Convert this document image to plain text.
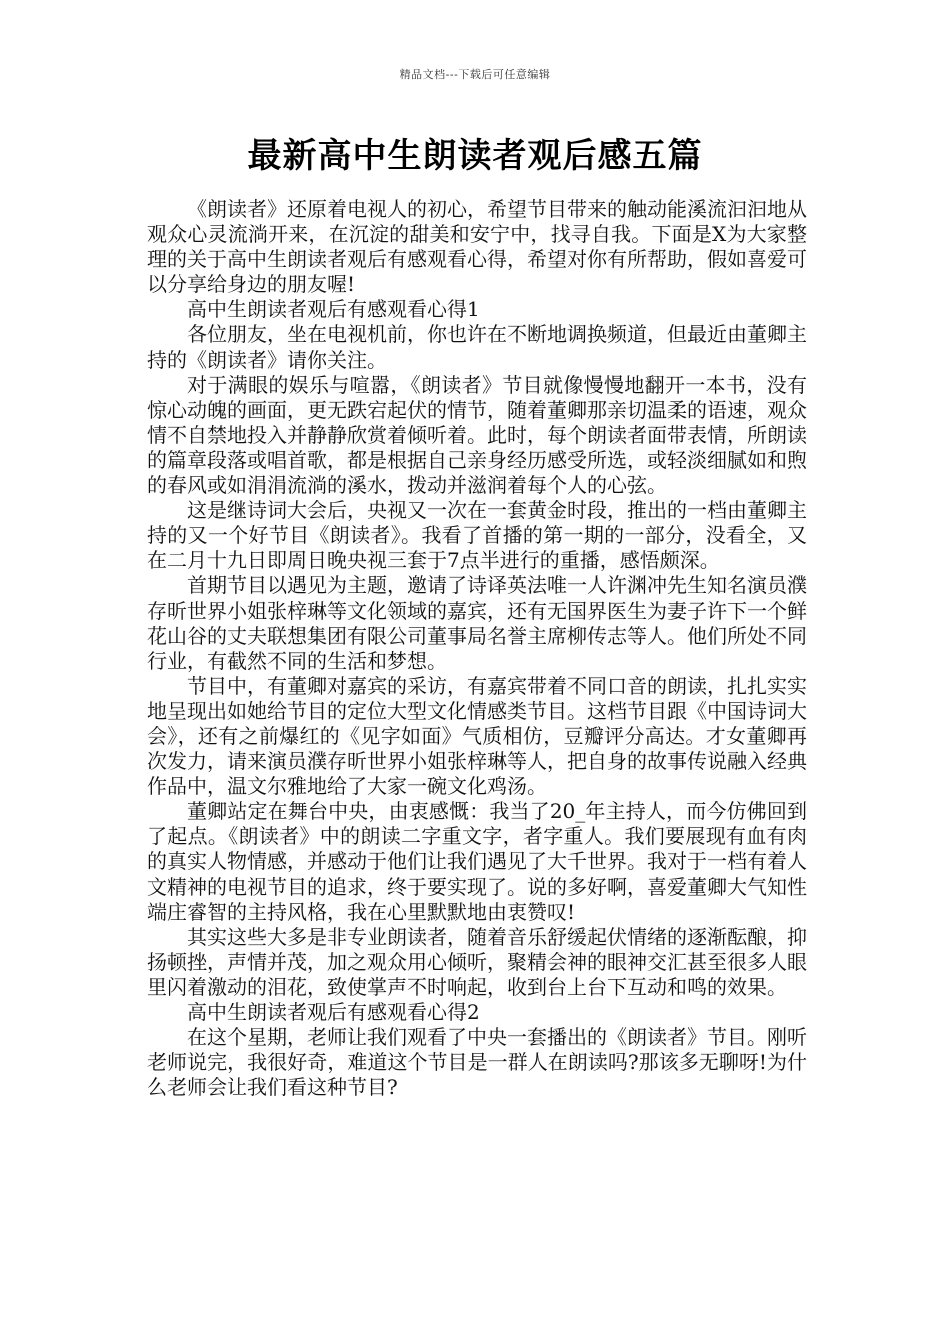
精品文档---下载后可任意编辑
最新高中生朗读者观后感五篇

《朗读者》还原着电视人的初心，希望节目带来的触动能溪流汩汩地从观众心灵流淌开来，在沉淀的甜美和安宁中，找寻自我。下面是X为大家整理的关于高中生朗读者观后有感观看心得，希望对你有所帮助，假如喜爱可以分享给身边的朋友喔!

高中生朗读者观后有感观看心得1

各位朋友，坐在电视机前，你也许在不断地调换频道，但最近由董卿主持的《朗读者》请你关注。

对于满眼的娱乐与喧嚣，《朗读者》节目就像慢慢地翻开一本书，没有惊心动魄的画面，更无跌宕起伏的情节，随着董卿那亲切温柔的语速，观众情不自禁地投入并静静欣赏着倾听着。此时，每个朗读者面带表情，所朗读的篇章段落或唱首歌，都是根据自己亲身经历感受所选，或轻淡细腻如和煦的春风或如涓涓流淌的溪水，拨动并滋润着每个人的心弦。

这是继诗词大会后，央视又一次在一套黄金时段，推出的一档由董卿主持的又一个好节目《朗读者》。我看了首播的第一期的一部分，没看全，又在二月十九日即周日晚央视三套于7点半进行的重播，感悟颇深。

首期节目以遇见为主题，邀请了诗译英法唯一人许渊冲先生知名演员濮存昕世界小姐张梓琳等文化领域的嘉宾，还有无国界医生为妻子许下一个鲜花山谷的丈夫联想集团有限公司董事局名誉主席柳传志等人。他们所处不同行业，有截然不同的生活和梦想。

节目中，有董卿对嘉宾的采访，有嘉宾带着不同口音的朗读，扎扎实实地呈现出如她给节目的定位大型文化情感类节目。这档节目跟《中国诗词大会》，还有之前爆红的《见字如面》气质相仿，豆瓣评分高达。才女董卿再次发力，请来演员濮存昕世界小姐张梓琳等人，把自身的故事传说融入经典作品中，温文尔雅地给了大家一碗文化鸡汤。

董卿站定在舞台中央，由衷感慨：我当了20_年主持人，而今仿佛回到了起点。《朗读者》中的朗读二字重文字，者字重人。我们要展现有血有肉的真实人物情感，并感动于他们让我们遇见了大千世界。我对于一档有着人文精神的电视节目的追求，终于要实现了。说的多好啊，喜爱董卿大气知性端庄睿智的主持风格，我在心里默默地由衷赞叹!

其实这些大多是非专业朗读者，随着音乐舒缓起伏情绪的逐渐酝酿，抑扬顿挫，声情并茂，加之观众用心倾听，聚精会神的眼神交汇甚至很多人眼里闪着激动的泪花，致使掌声不时响起，收到台上台下互动和鸣的效果。

高中生朗读者观后有感观看心得2

在这个星期，老师让我们观看了中央一套播出的《朗读者》节目。刚听老师说完，我很好奇，难道这个节目是一群人在朗读吗?那该多无聊呀!为什么老师会让我们看这种节目?
